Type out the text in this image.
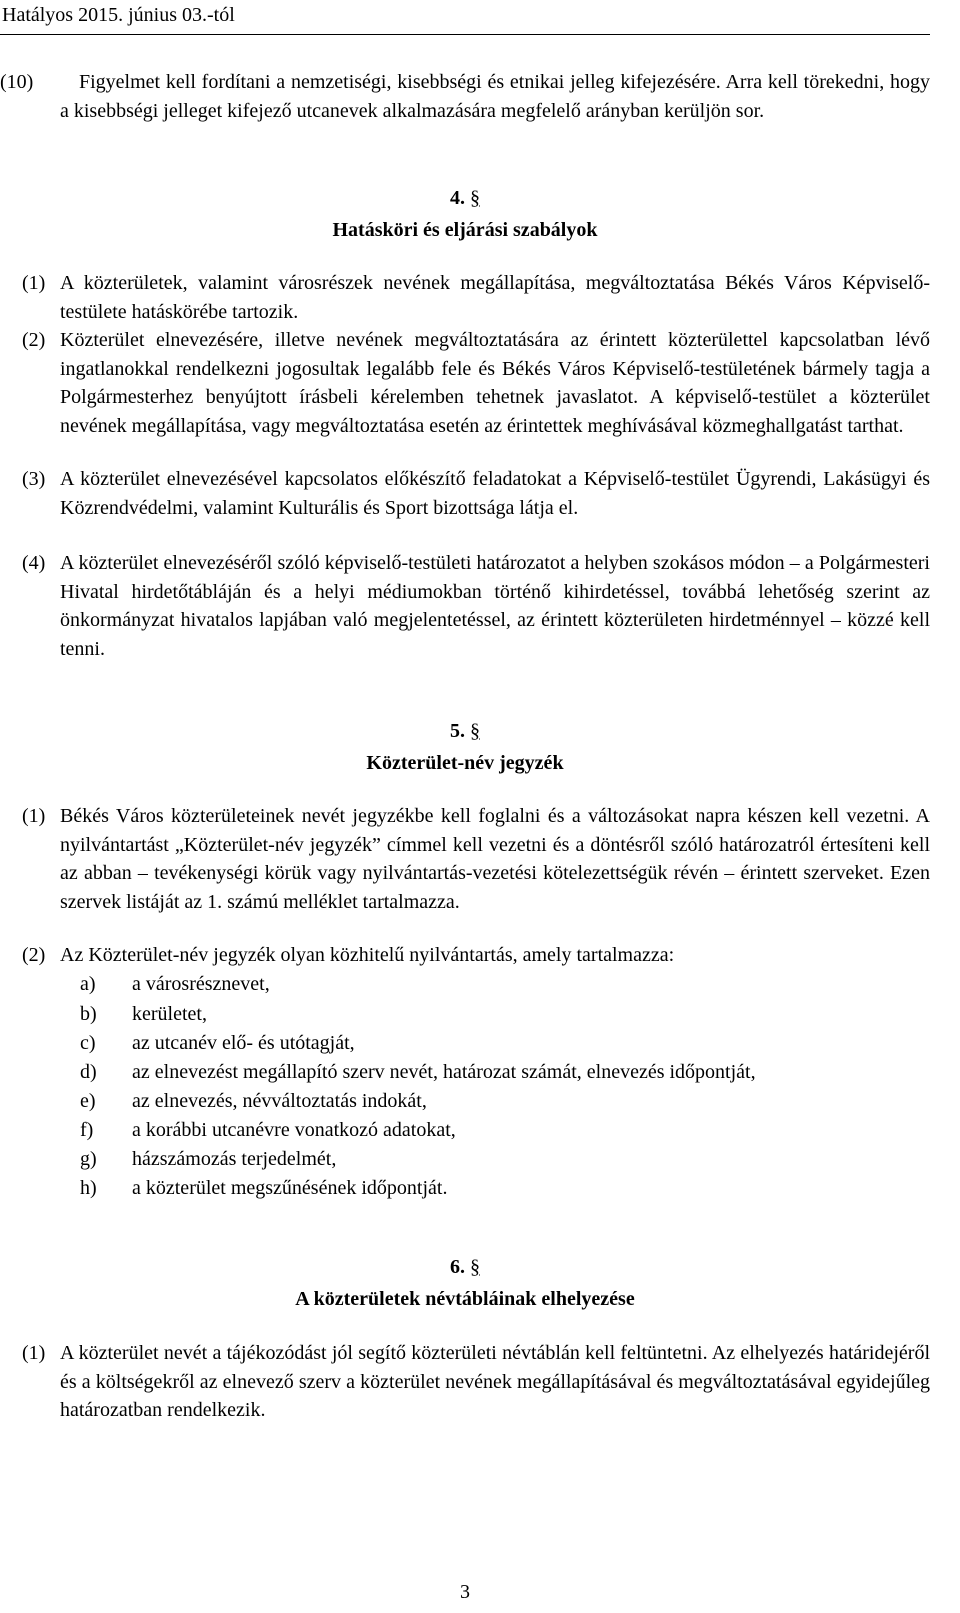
Hatályos 2015. június 03.-tól
(10)	Figyelmet kell fordítani a nemzetiségi, kisebbségi és etnikai jelleg kifejezésére. Arra kell törekedni, hogy a kisebbségi jelleget kifejező utcanevek alkalmazására megfelelő arányban kerüljön sor.
4. §
Hatásköri és eljárási szabályok
(1) A közterületek, valamint városrészek nevének megállapítása, megváltoztatása Békés Város Képviselő-testülete hatáskörébe tartozik.
(2) Közterület elnevezésére, illetve nevének megváltoztatására az érintett közterülettel kapcsolatban lévő ingatlanokkal rendelkezni jogosultak legalább fele és Békés Város Képviselő-testületének bármely tagja a Polgármesterhez benyújtott írásbeli kérelemben tehetnek javaslatot. A képviselő-testület a közterület nevének megállapítása, vagy megváltoztatása esetén az érintettek meghívásával közmeghallgatást tarthat.
(3) A közterület elnevezésével kapcsolatos előkészítő feladatokat a Képviselő-testület Ügyrendi, Lakásügyi és Közrendvédelmi, valamint Kulturális és Sport bizottsága látja el.
(4) A közterület elnevezéséről szóló képviselő-testületi határozatot a helyben szokásos módon – a Polgármesteri Hivatal hirdetőtábláján és a helyi médiumokban történő kihirdetéssel, továbbá lehetőség szerint az önkormányzat hivatalos lapjában való megjelentetéssel, az érintett közterületen hirdetménnyel – közzé kell tenni.
5. §
Közterület-név jegyzék
(1) Békés Város közterületeinek nevét jegyzékbe kell foglalni és a változásokat napra készen kell vezetni. A nyilvántartást „Közterület-név jegyzék” címmel kell vezetni és a döntésről szóló határozatról értesíteni kell az abban – tevékenységi körük vagy nyilvántartás-vezetési kötelezettségük révén – érintett szerveket. Ezen szervek listáját az 1. számú melléklet tartalmazza.
(2) Az Közterület-név jegyzék olyan közhitelű nyilvántartás, amely tartalmazza:
a) a városrésznevet,
b) kerületet,
c) az utcanév elő- és utótagját,
d) az elnevezést megállapító szerv nevét, határozat számát, elnevezés időpontját,
e) az elnevezés, névváltoztatás indokát,
f) a korábbi utcanévre vonatkozó adatokat,
g) házszámozás terjedelmét,
h) a közterület megszűnésének időpontját.
6. §
A közterületek névtábláinak elhelyezése
(1) A közterület nevét a tájékozódást jól segítő közterületi névtáblán kell feltüntetni. Az elhelyezés határidejéről és a költségekről az elnevező szerv a közterület nevének megállapításával és megváltoztatásával egyidejűleg határozatban rendelkezik.
3
